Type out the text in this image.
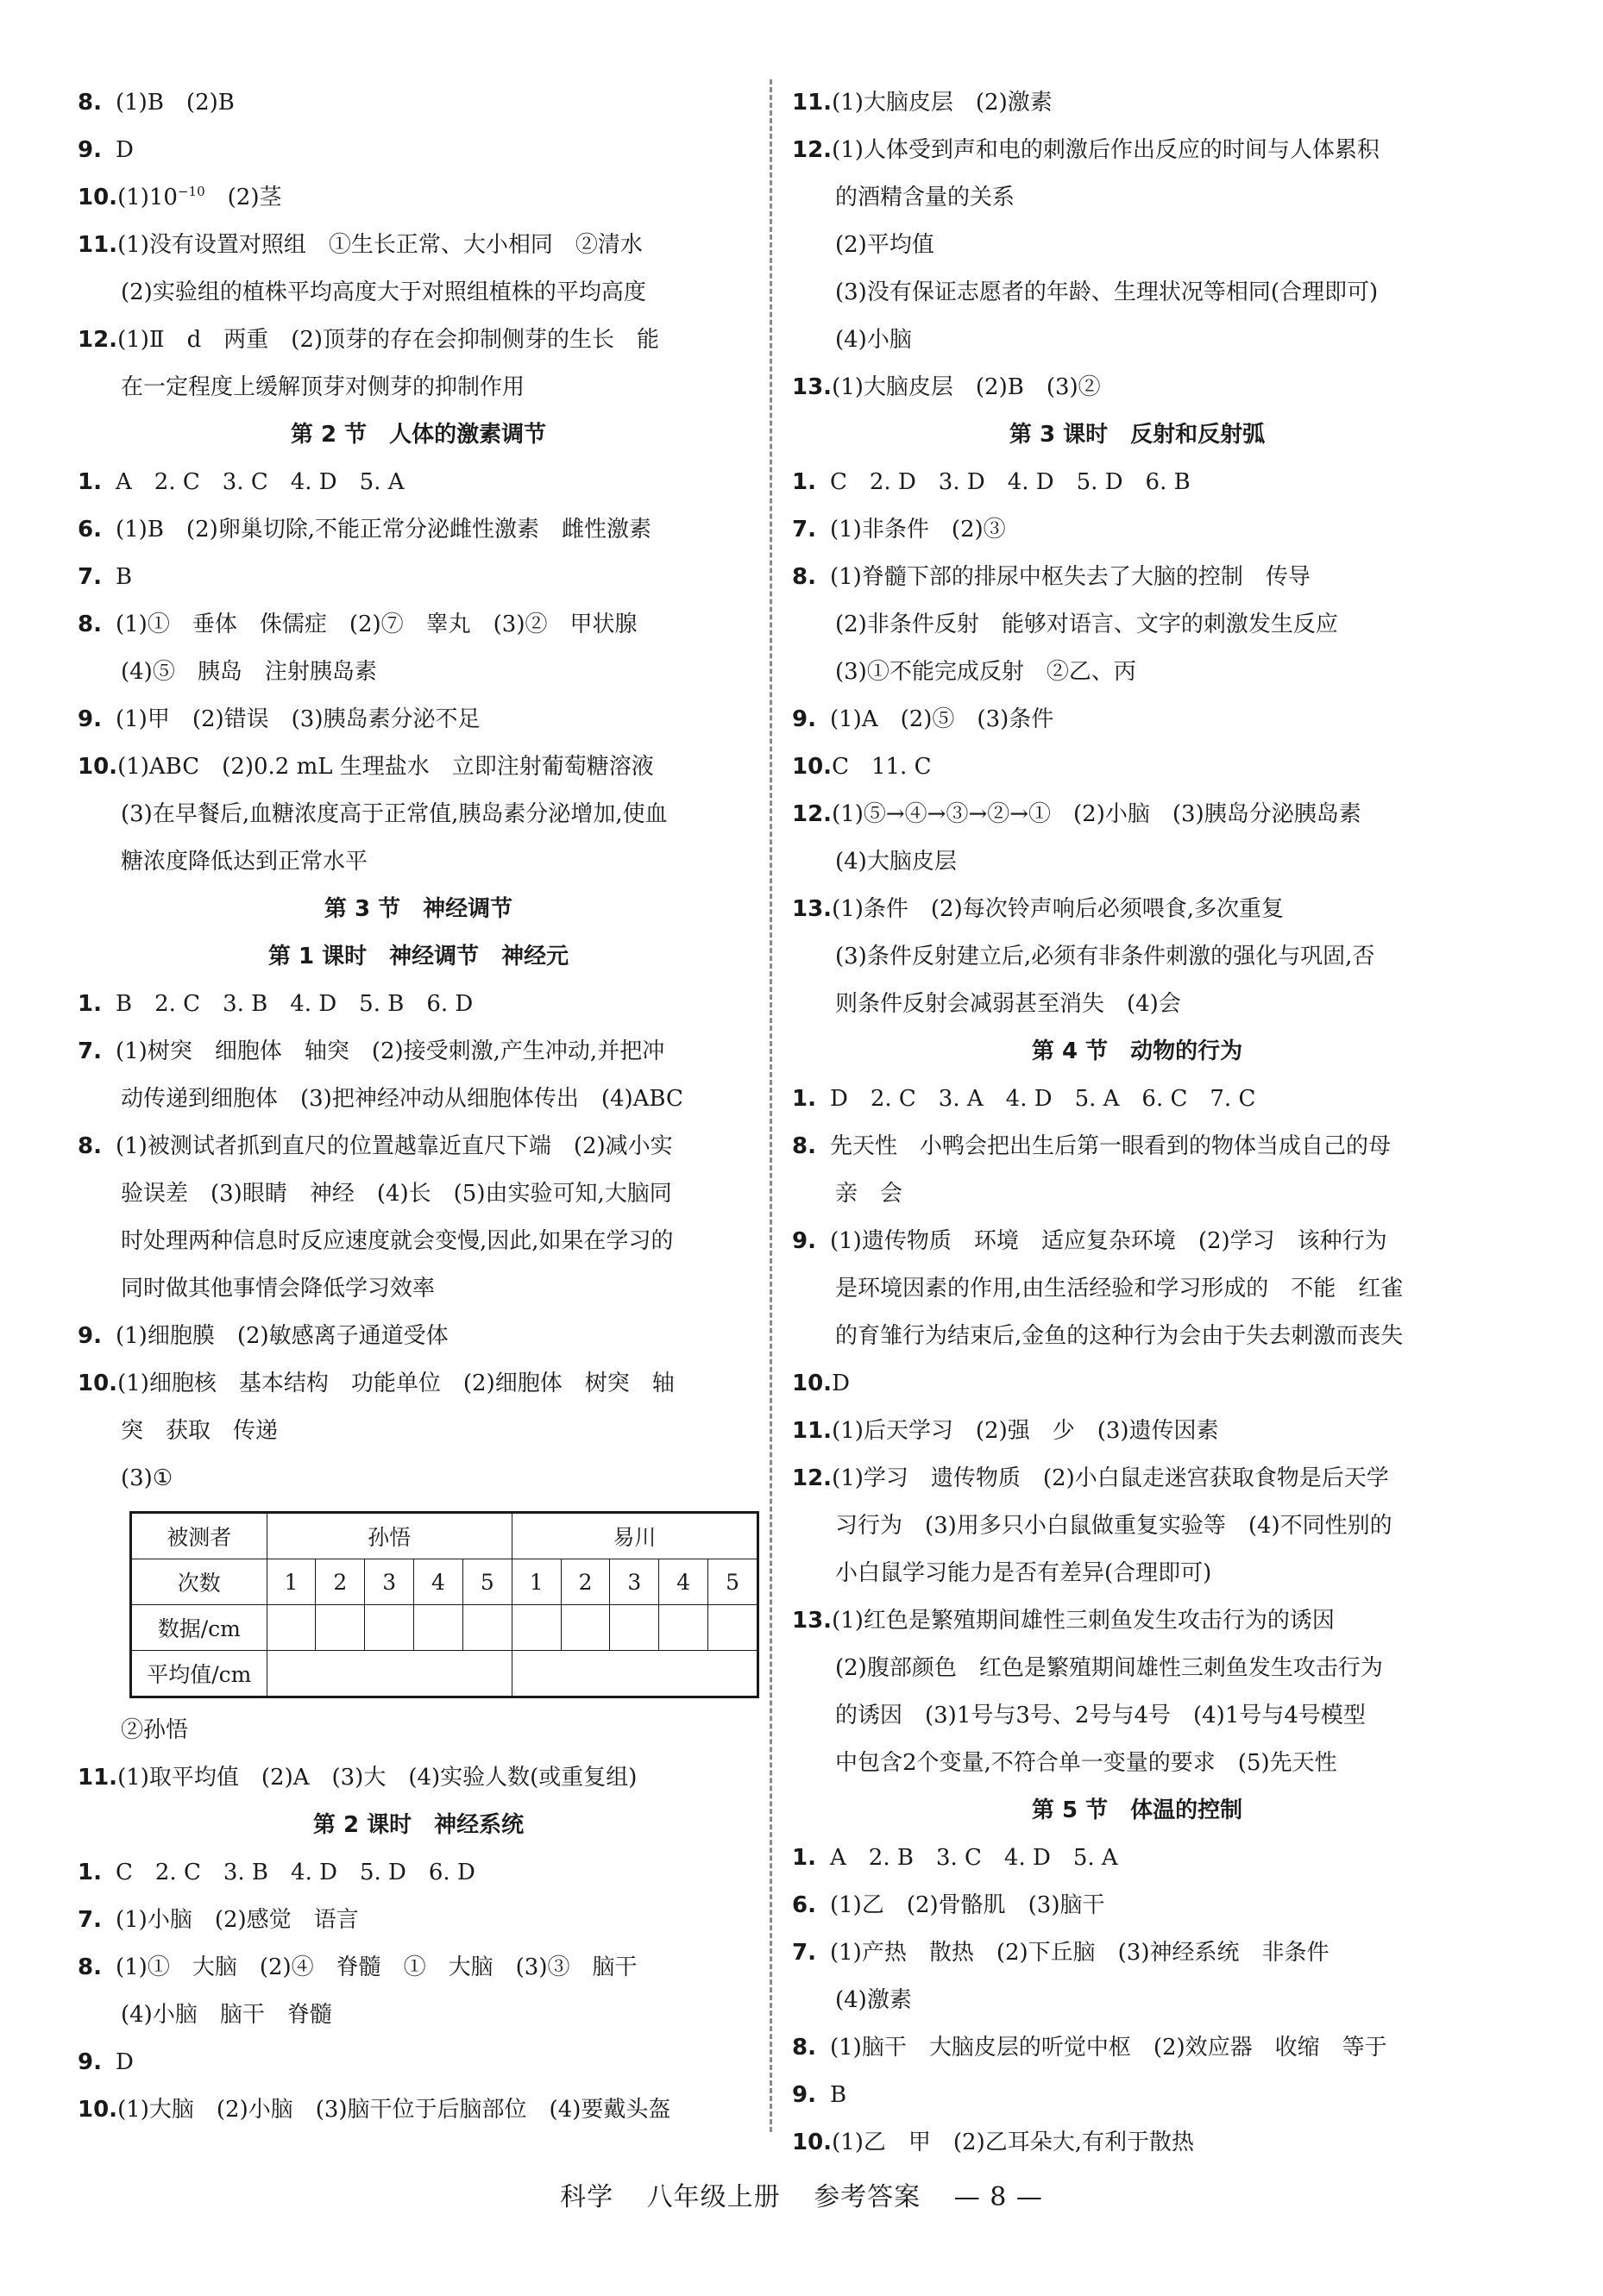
8. (1)B　(2)B
9. D
$10.(1)10^{-10}$　(2)茎
11.(1)没有设置对照组　①生长正常、大小相同　②清水
(2)实验组的植株平均高度大于对照组植株的平均高度
12.(1)Ⅱ　d　两重　(2)顶芽的存在会抑制侧芽的生长　能
在一定程度上缓解顶芽对侧芽的抑制作用
第 2 节　人体的激素调节
1. A　2. C　3. C　4. D　5. A
6. (1)B　(2)卵巢切除,不能正常分泌雌性激素　雌性激素
7. B
8. (1)①　垂体　侏儒症　(2)⑦　睾丸　(3)②　甲状腺
(4)⑤　胰岛　注射胰岛素
9. (1)甲　(2)错误　(3)胰岛素分泌不足
10.(1)ABC　(2)0.2 mL 生理盐水　立即注射葡萄糖溶液
(3)在早餐后,血糖浓度高于正常值,胰岛素分泌增加,使血
糖浓度降低达到正常水平
第 3 节　神经调节
第 1 课时　神经调节　神经元
1. B　2. C　3. B　4. D　5. B　6. D
7. (1)树突　细胞体　轴突　(2)接受刺激,产生冲动,并把冲
动传递到细胞体　(3)把神经冲动从细胞体传出　(4)ABC
8. (1)被测试者抓到直尺的位置越靠近直尺下端　(2)减小实
验误差　(3)眼睛　神经　(4)长　(5)由实验可知,大脑同
时处理两种信息时反应速度就会变慢,因此,如果在学习的
同时做其他事情会降低学习效率
9. (1)细胞膜　(2)敏感离子通道受体
10.(1)细胞核　基本结构　功能单位　(2)细胞体　树突　轴
突　获取　传递
(3)①
被测者	孙悟					易川				
次数	1	2	3	4	5	1	2	3	4	5
数据/cm										
平均值/cm										
②孙悟
11.(1)取平均值　(2)A　(3)大　(4)实验人数(或重复组)
第 2 课时　神经系统
1. C　2. C　3. B　4. D　5. D　6. D
7. (1)小脑　(2)感觉　语言
8. (1)①　大脑　(2)④　脊髓　①　大脑　(3)③　脑干
(4)小脑　脑干　脊髓
9. D
10.(1)大脑　(2)小脑　(3)脑干位于后脑部位　(4)要戴头盔
11.(1)大脑皮层　(2)激素
12.(1)人体受到声和电的刺激后作出反应的时间与人体累积
的酒精含量的关系
(2)平均值
(3)没有保证志愿者的年龄、生理状况等相同(合理即可)
(4)小脑
13.(1)大脑皮层　(2)B　(3)②
第 3 课时　反射和反射弧
1. C　2. D　3. D　4. D　5. D　6. B
7. (1)非条件　(2)③
8. (1)脊髓下部的排尿中枢失去了大脑的控制　传导
(2)非条件反射　能够对语言、文字的刺激发生反应
(3)①不能完成反射　②乙、丙
9. (1)A　(2)⑤　(3)条件
10.C　11. C
12.(1)⑤→④→③→②→①　(2)小脑　(3)胰岛分泌胰岛素
(4)大脑皮层
13.(1)条件　(2)每次铃声响后必须喂食,多次重复
(3)条件反射建立后,必须有非条件刺激的强化与巩固,否
则条件反射会减弱甚至消失　(4)会
第 4 节　动物的行为
1. D　2. C　3. A　4. D　5. A　6. C　7. C
8. 先天性　小鸭会把出生后第一眼看到的物体当成自己的母
亲　会
9. (1)遗传物质　环境　适应复杂环境　(2)学习　该种行为
是环境因素的作用,由生活经验和学习形成的　不能　红雀
的育雏行为结束后,金鱼的这种行为会由于失去刺激而丧失
10.D
11.(1)后天学习　(2)强　少　(3)遗传因素
12.(1)学习　遗传物质　(2)小白鼠走迷宫获取食物是后天学
习行为　(3)用多只小白鼠做重复实验等　(4)不同性别的
小白鼠学习能力是否有差异(合理即可)
13.(1)红色是繁殖期间雄性三刺鱼发生攻击行为的诱因
(2)腹部颜色　红色是繁殖期间雄性三刺鱼发生攻击行为
的诱因　(3)1号与3号、2号与4号　(4)1号与4号模型
中包含2个变量,不符合单一变量的要求　(5)先天性
第 5 节　体温的控制
1. A　2. B　3. C　4. D　5. A
6. (1)乙　(2)骨骼肌　(3)脑干
7. (1)产热　散热　(2)下丘脑　(3)神经系统　非条件
(4)激素
8. (1)脑干　大脑皮层的听觉中枢　(2)效应器　收缩　等于
9. B
10.(1)乙　甲　(2)乙耳朵大,有利于散热
科学 八年级上册 参考答案 — 8 —
